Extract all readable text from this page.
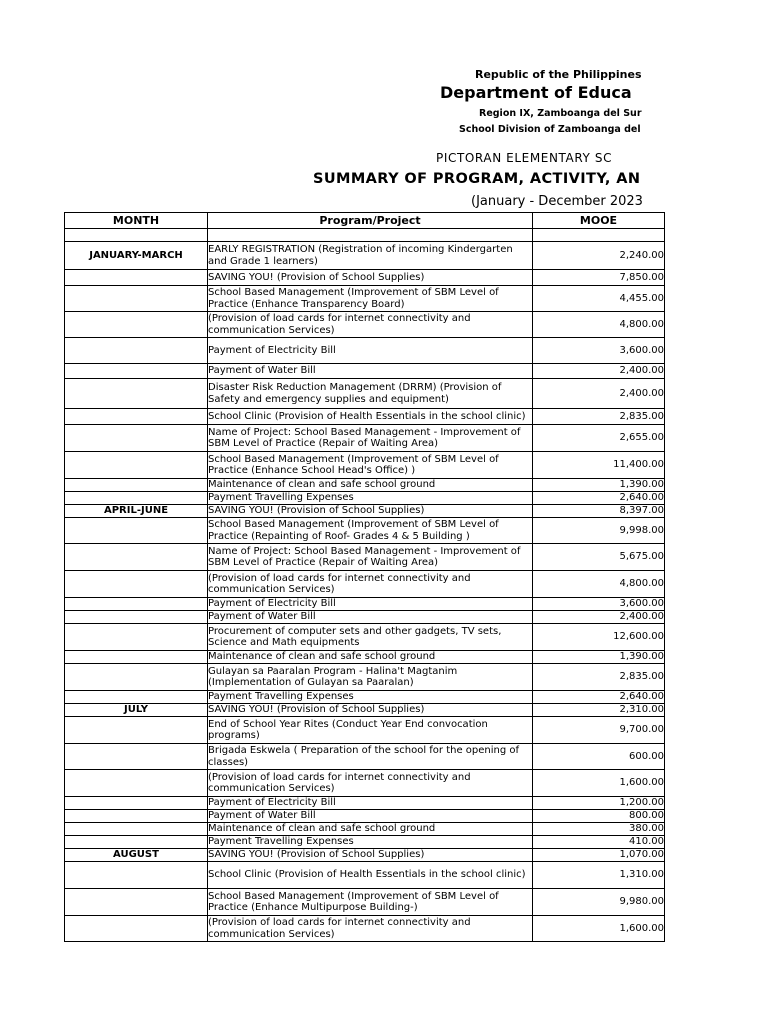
Republic of the Philippines
Department of Educa
Region IX, Zamboanga del Sur
School Division of Zamboanga del
PICTORAN ELEMENTARY SC
SUMMARY OF PROGRAM, ACTIVITY, AN
(January - December 2023
MONTH	Program/Project	MOOE

JANUARY-MARCH	EARLY REGISTRATION (Registration of incoming Kindergarten and Grade 1 learners)	2,240.00
	SAVING YOU! (Provision of School Supplies)	7,850.00
	School Based Management (Improvement of SBM Level of Practice (Enhance Transparency Board)	4,455.00
	(Provision of load cards for internet connectivity and communication Services)	4,800.00
	Payment of Electricity Bill	3,600.00
	Payment of Water Bill	2,400.00
	Disaster Risk Reduction Management (DRRM) (Provision of Safety and emergency supplies and equipment)	2,400.00
	School Clinic (Provision of Health Essentials in the school clinic)	2,835.00
	Name of Project: School Based Management - Improvement of SBM Level of Practice (Repair of Waiting Area)	2,655.00
	School Based Management (Improvement of SBM Level of Practice (Enhance School Head's Office) )	11,400.00
	Maintenance of clean and safe school ground	1,390.00
	Payment Travelling Expenses	2,640.00
APRIL-JUNE	SAVING YOU! (Provision of School Supplies)	8,397.00
	School Based Management (Improvement of SBM Level of Practice (Repainting of Roof- Grades 4 & 5 Building )	9,998.00
	Name of Project: School Based Management - Improvement of SBM Level of Practice (Repair of Waiting Area)	5,675.00
	(Provision of load cards for internet connectivity and communication Services)	4,800.00
	Payment of Electricity Bill	3,600.00
	Payment of Water Bill	2,400.00
	Procurement of computer sets and other gadgets, TV sets, Science and Math equipments	12,600.00
	Maintenance of clean and safe school ground	1,390.00
	Gulayan sa Paaralan Program - Halina't Magtanim (Implementation of Gulayan sa Paaralan)	2,835.00
	Payment Travelling Expenses	2,640.00
JULY	SAVING YOU! (Provision of School Supplies)	2,310.00
	End of School Year Rites (Conduct Year End convocation programs)	9,700.00
	Brigada Eskwela ( Preparation of the school for the opening of classes)	600.00
	(Provision of load cards for internet connectivity and communication Services)	1,600.00
	Payment of Electricity Bill	1,200.00
	Payment of Water Bill	800.00
	Maintenance of clean and safe school ground	380.00
	Payment Travelling Expenses	410.00
AUGUST	SAVING YOU! (Provision of School Supplies)	1,070.00
	School Clinic (Provision of Health Essentials in the school clinic)	1,310.00
	School Based Management (Improvement of SBM Level of Practice (Enhance Multipurpose Building-)	9,980.00
	(Provision of load cards for internet connectivity and communication Services)	1,600.00
